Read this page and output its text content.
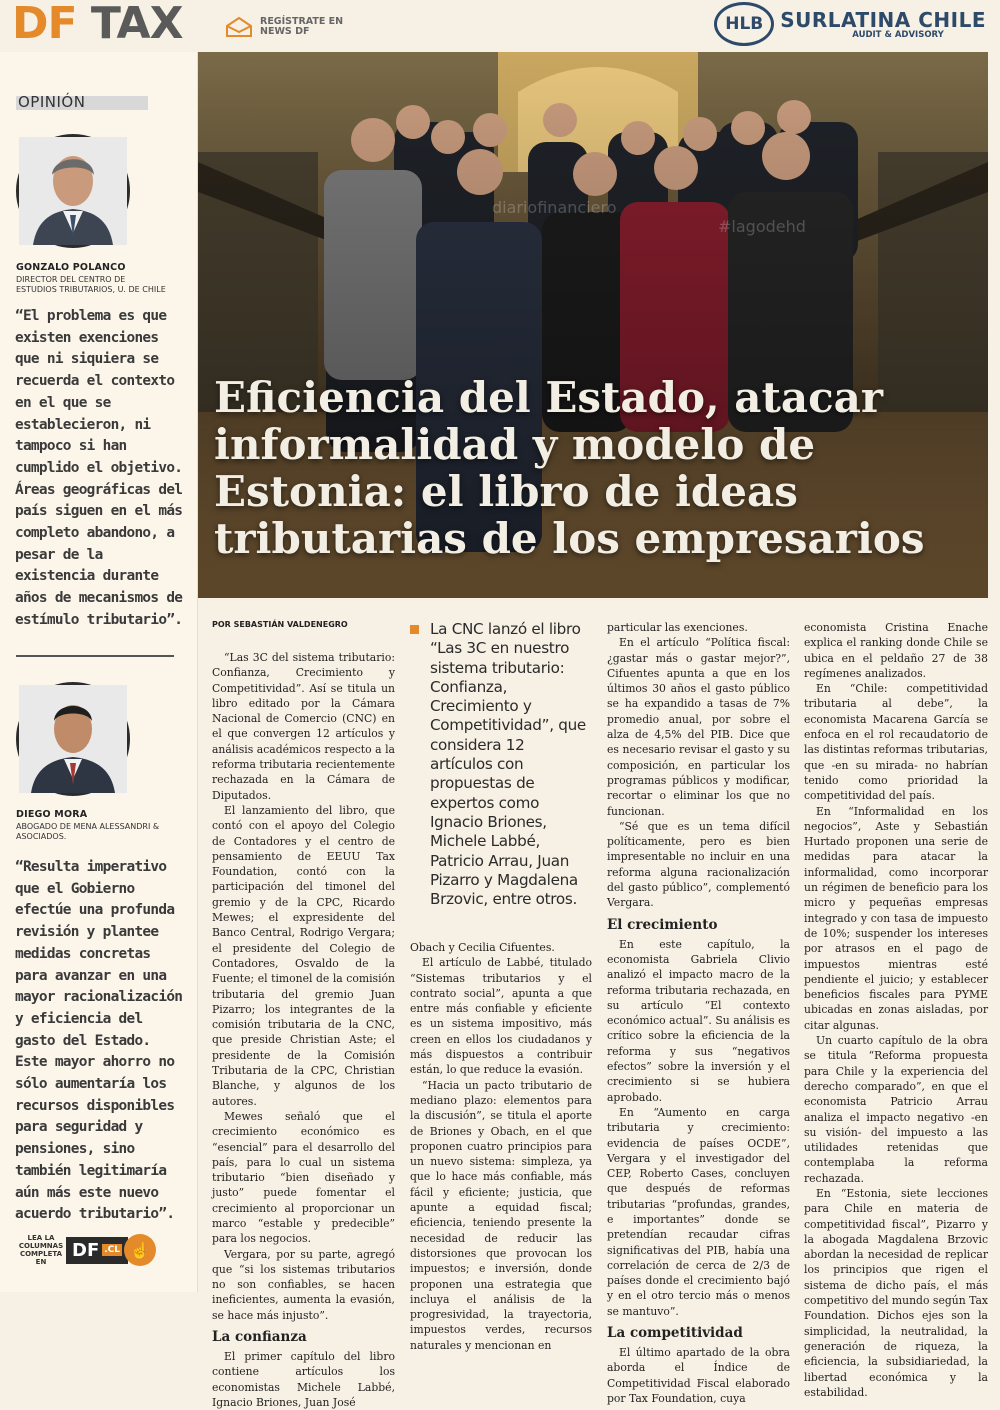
DF TAX	REGÍSTRATE EN NEWS DF	HLB SURLATINA CHILE
AUDIT & ADVISORY
OPINIÓN
GONZALO POLANCO
DIRECTOR DEL CENTRO DE ESTUDIOS TRIBUTARIOS, U. DE CHILE
“El problema es que existen exenciones que ni siquiera se recuerda el contexto en el que se establecieron, ni tampoco si han cumplido el objetivo. Áreas geográficas del país siguen en el más completo abandono, a pesar de la existencia durante años de mecanismos de estímulo tributario”.
DIEGO MORA
ABOGADO DE MENA ALESSANDRI & ASOCIADOS.
“Resulta imperativo que el Gobierno efectúe una profunda revisión y plantee medidas concretas para avanzar en una mayor racionalización y eficiencia del gasto del Estado. Este mayor ahorro no sólo aumentaría los recursos disponibles para seguridad y pensiones, sino también legitimaría aún más este nuevo acuerdo tributario”.
LEA LA COLUMNAS COMPLETA EN
DF .CL ☝
diariofinanciero
#lagodehd
Eficiencia del Estado, atacar informalidad y modelo de Estonia: el libro de ideas tributarias de los empresarios
POR SEBASTIÁN VALDENEGRO

“Las 3C del sistema tributario: Confianza, Crecimiento y Competitividad”. Así se titula un libro editado por la Cámara Nacional de Comercio (CNC) en el que convergen 12 artículos y análisis académicos respecto a la reforma tributaria recientemente rechazada en la Cámara de Diputados.

El lanzamiento del libro, que contó con el apoyo del Colegio de Contadores y el centro de pensamiento de EEUU Tax Foundation, contó con la participación del timonel del gremio y de la CPC, Ricardo Mewes; el expresidente del Banco Central, Rodrigo Vergara; el presidente del Colegio de Contadores, Osvaldo de la Fuente; el timonel de la comisión tributaria del gremio Juan Pizarro; los integrantes de la comisión tributaria de la CNC, que preside Christian Aste; el presidente de la Comisión Tributaria de la CPC, Christian Blanche, y algunos de los autores.

Mewes señaló que el crecimiento económico es “esencial” para el desarrollo del país, para lo cual un sistema tributario “bien diseñado y justo” puede fomentar el crecimiento al proporcionar un marco “estable y predecible” para los negocios.

Vergara, por su parte, agregó que “si los sistemas tributarios no son confiables, se hacen ineficientes, aumenta la evasión, se hace más injusto”.

La confianza

El primer capítulo del libro contiene artículos los economistas Michele Labbé, Ignacio Briones, Juan José

La CNC lanzó el libro “Las 3C en nuestro sistema tributario: Confianza, Crecimiento y Competitividad”, que considera 12 artículos con propuestas de expertos como Ignacio Briones, Michele Labbé, Patricio Arrau, Juan Pizarro y Magdalena Brzovic, entre otros.

Obach y Cecilia Cifuentes.

El artículo de Labbé, titulado “Sistemas tributarios y el contrato social”, apunta a que entre más confiable y eficiente es un sistema impositivo, más creen en ellos los ciudadanos y más dispuestos a contribuir están, lo que reduce la evasión.

“Hacia un pacto tributario de mediano plazo: elementos para la discusión”, se titula el aporte de Briones y Obach, en el que proponen cuatro principios para un nuevo sistema: simpleza, ya que lo hace más confiable, más fácil y eficiente; justicia, que apunte a equidad fiscal; eficiencia, teniendo presente la necesidad de reducir las distorsiones que provocan los impuestos; e inversión, donde proponen una estrategia que incluya el análisis de la progresividad, la trayectoria, impuestos verdes, recursos naturales y mencionan en

particular las exenciones.

En el artículo “Política fiscal: ¿gastar más o gastar mejor?”, Cifuentes apunta a que en los últimos 30 años el gasto público se ha expandido a tasas de 7% promedio anual, por sobre el alza de 4,5% del PIB. Dice que es necesario revisar el gasto y su composición, en particular los programas públicos y modificar, recortar o eliminar los que no funcionan.

“Sé que es un tema difícil políticamente, pero es bien impresentable no incluir en una reforma alguna racionalización del gasto público”, complementó Vergara.

El crecimiento

En este capítulo, la economista Gabriela Clivio analizó el impacto macro de la reforma tributaria rechazada, en su artículo “El contexto económico actual”. Su análisis es crítico sobre la eficiencia de la reforma y sus “negativos efectos” sobre la inversión y el crecimiento si se hubiera aprobado.

En “Aumento en carga tributaria y crecimiento: evidencia de países OCDE”, Vergara y el investigador del CEP, Roberto Cases, concluyen que después de reformas tributarias “profundas, grandes, e importantes” donde se pretendían recaudar cifras significativas del PIB, había una correlación de cerca de 2/3 de países donde el crecimiento bajó y en el otro tercio más o menos se mantuvo”.

La competitividad

El último apartado de la obra aborda el Índice de Competitividad Fiscal elaborado por Tax Foundation, cuya

economista Cristina Enache explica el ranking donde Chile se ubica en el peldaño 27 de 38 regímenes analizados.

En “Chile: competitividad tributaria al debe”, la economista Macarena García se enfoca en el rol recaudatorio de las distintas reformas tributarias, que -en su mirada- no habrían tenido como prioridad la competitividad del país.

En “Informalidad en los negocios”, Aste y Sebastián Hurtado proponen una serie de medidas para atacar la informalidad, como incorporar un régimen de beneficio para los micro y pequeñas empresas integrado y con tasa de impuesto de 10%; suspender los intereses por atrasos en el pago de impuestos mientras esté pendiente el juicio; y establecer beneficios fiscales para PYME ubicadas en zonas aisladas, por citar algunas.

Un cuarto capítulo de la obra se titula “Reforma propuesta para Chile y la experiencia del derecho comparado”, en que el economista Patricio Arrau analiza el impacto negativo -en su visión- del impuesto a las utilidades retenidas que contemplaba la reforma rechazada.

En “Estonia, siete lecciones para Chile en materia de competitividad fiscal”, Pizarro y la abogada Magdalena Brzovic abordan la necesidad de replicar los principios que rigen el sistema de dicho país, el más competitivo del mundo según Tax Foundation. Dichos ejes son la simplicidad, la neutralidad, la generación de riqueza, la eficiencia, la subsidiariedad, la libertad económica y la estabilidad.
